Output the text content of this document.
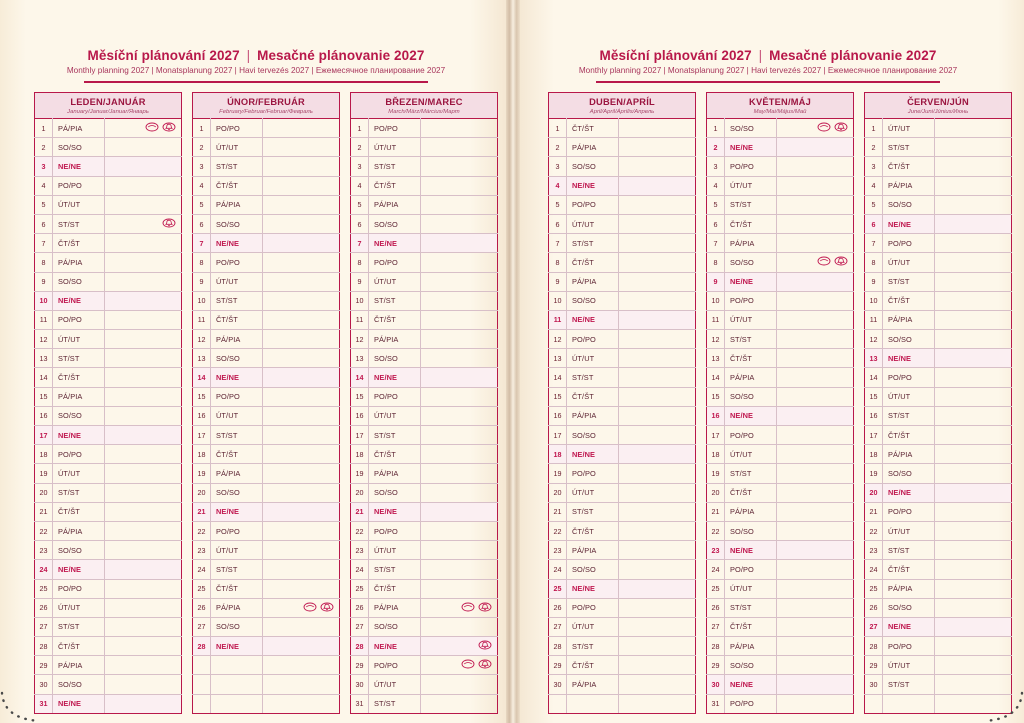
Měsíční plánování 2027 | Mesačné plánovanie 2027
Monthly planning 2027 | Monatsplanung 2027 | Havi tervezés 2027 | Ежемесячное планирование 2027
LEDEN/JANUÁR
January/Januar/Januar/Январь
1	PÁ/PIA	

2	SO/SO	
3	NE/NE	
4	PO/PO	
5	ÚT/UT	
6	ST/ST	

7	ČT/ŠT	
8	PÁ/PIA	
9	SO/SO	
10	NE/NE	
11	PO/PO	
12	ÚT/UT	
13	ST/ST	
14	ČT/ŠT	
15	PÁ/PIA	
16	SO/SO	
17	NE/NE	
18	PO/PO	
19	ÚT/UT	
20	ST/ST	
21	ČT/ŠT	
22	PÁ/PIA	
23	SO/SO	
24	NE/NE	
25	PO/PO	
26	ÚT/UT	
27	ST/ST	
28	ČT/ŠT	
29	PÁ/PIA	
30	SO/SO	
31	NE/NE	
ÚNOR/FEBRUÁR
February/Februar/Februar/Февраль
1	PO/PO	
2	ÚT/UT	
3	ST/ST	
4	ČT/ŠT	
5	PÁ/PIA	
6	SO/SO	
7	NE/NE	
8	PO/PO	
9	ÚT/UT	
10	ST/ST	
11	ČT/ŠT	
12	PÁ/PIA	
13	SO/SO	
14	NE/NE	
15	PO/PO	
16	ÚT/UT	
17	ST/ST	
18	ČT/ŠT	
19	PÁ/PIA	
20	SO/SO	
21	NE/NE	
22	PO/PO	
23	ÚT/UT	
24	ST/ST	
25	ČT/ŠT	
26	PÁ/PIA	

27	SO/SO	
28	NE/NE	

BŘEZEN/MAREC
March/März/Március/Март
1	PO/PO	
2	ÚT/UT	
3	ST/ST	
4	ČT/ŠT	
5	PÁ/PIA	
6	SO/SO	
7	NE/NE	
8	PO/PO	
9	ÚT/UT	
10	ST/ST	
11	ČT/ŠT	
12	PÁ/PIA	
13	SO/SO	
14	NE/NE	
15	PO/PO	
16	ÚT/UT	
17	ST/ST	
18	ČT/ŠT	
19	PÁ/PIA	
20	SO/SO	
21	NE/NE	
22	PO/PO	
23	ÚT/UT	
24	ST/ST	
25	ČT/ŠT	
26	PÁ/PIA	

27	SO/SO	
28	NE/NE	

29	PO/PO	

30	ÚT/UT	
31	ST/ST	
Měsíční plánování 2027 | Mesačné plánovanie 2027
Monthly planning 2027 | Monatsplanung 2027 | Havi tervezés 2027 | Ежемесячное планирование 2027
DUBEN/APRÍL
April/April/Április/Апрель
1	ČT/ŠT	
2	PÁ/PIA	
3	SO/SO	
4	NE/NE	
5	PO/PO	
6	ÚT/UT	
7	ST/ST	
8	ČT/ŠT	
9	PÁ/PIA	
10	SO/SO	
11	NE/NE	
12	PO/PO	
13	ÚT/UT	
14	ST/ST	
15	ČT/ŠT	
16	PÁ/PIA	
17	SO/SO	
18	NE/NE	
19	PO/PO	
20	ÚT/UT	
21	ST/ST	
22	ČT/ŠT	
23	PÁ/PIA	
24	SO/SO	
25	NE/NE	
26	PO/PO	
27	ÚT/UT	
28	ST/ST	
29	ČT/ŠT	
30	PÁ/PIA	

KVĚTEN/MÁJ
May/Mai/Május/Май
1	SO/SO	

2	NE/NE	
3	PO/PO	
4	ÚT/UT	
5	ST/ST	
6	ČT/ŠT	
7	PÁ/PIA	
8	SO/SO	

9	NE/NE	
10	PO/PO	
11	ÚT/UT	
12	ST/ST	
13	ČT/ŠT	
14	PÁ/PIA	
15	SO/SO	
16	NE/NE	
17	PO/PO	
18	ÚT/UT	
19	ST/ST	
20	ČT/ŠT	
21	PÁ/PIA	
22	SO/SO	
23	NE/NE	
24	PO/PO	
25	ÚT/UT	
26	ST/ST	
27	ČT/ŠT	
28	PÁ/PIA	
29	SO/SO	
30	NE/NE	
31	PO/PO	
ČERVEN/JÚN
June/Juni/Június/Июнь
1	ÚT/UT	
2	ST/ST	
3	ČT/ŠT	
4	PÁ/PIA	
5	SO/SO	
6	NE/NE	
7	PO/PO	
8	ÚT/UT	
9	ST/ST	
10	ČT/ŠT	
11	PÁ/PIA	
12	SO/SO	
13	NE/NE	
14	PO/PO	
15	ÚT/UT	
16	ST/ST	
17	ČT/ŠT	
18	PÁ/PIA	
19	SO/SO	
20	NE/NE	
21	PO/PO	
22	ÚT/UT	
23	ST/ST	
24	ČT/ŠT	
25	PÁ/PIA	
26	SO/SO	
27	NE/NE	
28	PO/PO	
29	ÚT/UT	
30	ST/ST	
